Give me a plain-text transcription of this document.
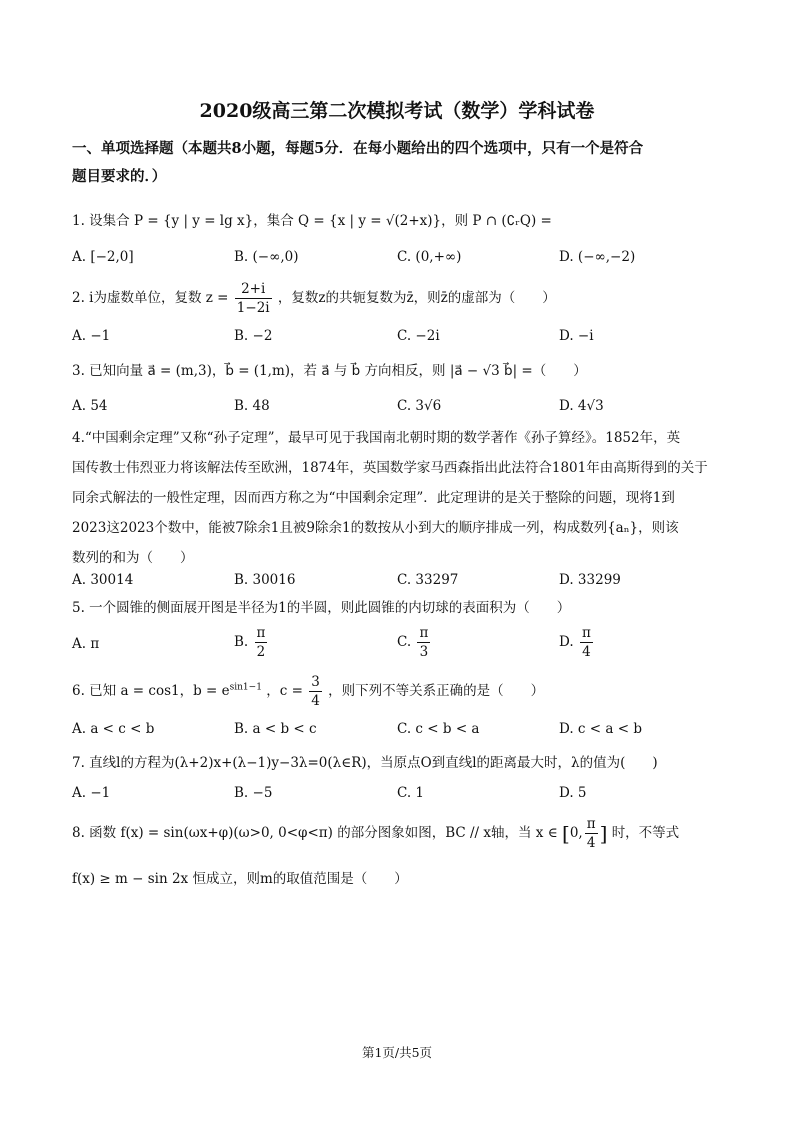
2020级高三第二次模拟考试（数学）学科试卷
一、单项选择题（本题共8小题，每题5分．在每小题给出的四个选项中，只有一个是符合
题目要求的．）
1. 设集合 P = {y | y = lg x}，集合 Q = {x | y = √(2+x)}，则 P ∩ (∁ᵣQ) =
A. [−2,0]	B. (−∞,0)	C. (0,+∞)	D. (−∞,−2)
2. i为虚数单位，复数 $z = \frac{2+i}{1-2i}$ ，复数z的共轭复数为z̄，则z̄的虚部为（　　）
A. −1	B. −2	C. −2i	D. −i
3. 已知向量 a⃗ = (m,3)，b⃗ = (1,m)，若 a⃗ 与 b⃗ 方向相反，则 |a⃗ − √3 b⃗| =（　　）
A. 54	B. 48	C. 3√6	D. 4√3
4.“中国剩余定理”又称“孙子定理”，最早可见于我国南北朝时期的数学著作《孙子算经》。1852年，英
国传教士伟烈亚力将该解法传至欧洲，1874年，英国数学家马西森指出此法符合1801年由高斯得到的关于
同余式解法的一般性定理，因而西方称之为“中国剩余定理”．此定理讲的是关于整除的问题，现将1到
2023这2023个数中，能被7除余1且被9除余1的数按从小到大的顺序排成一列，构成数列{aₙ}，则该
数列的和为（　　）
A. 30014	B. 30016	C. 33297	D. 33299
5. 一个圆锥的侧面展开图是半径为1的半圆，则此圆锥的内切球的表面积为（　　）
A. π	B. $\frac{\pi}{2}$	C. $\frac{\pi}{3}$	D. $\frac{\pi}{4}$
6. 已知 a = cos1，$b = e^{sin1-1}$ ，$c = \frac{3}{4}$ ，则下列不等关系正确的是（　　）
A. a < c < b	B. a < b < c	C. c < b < a	D. c < a < b
7. 直线l的方程为(λ+2)x+(λ−1)y−3λ=0(λ∈R)，当原点O到直线l的距离最大时，λ的值为(　　)
A. −1	B. −5	C. 1	D. 5
8. 函数 f(x) = sin(ωx+φ)(ω>0, 0<φ<π) 的部分图象如图，BC // x轴，当 x ∈ [0, $\frac{\pi}{4}$ ] 时，不等式
f(x) ≥ m − sin 2x 恒成立，则m的取值范围是（　　）
第1页/共5页
